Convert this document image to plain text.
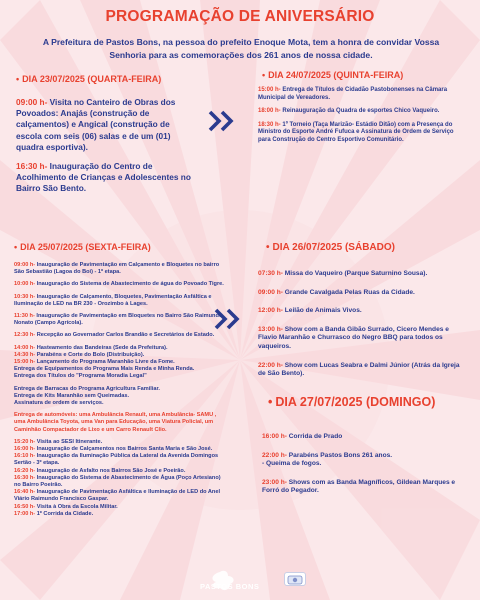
PROGRAMAÇÃO DE ANIVERSÁRIO
A Prefeitura de Pastos Bons, na pessoa do prefeito Enoque Mota, tem a honra de convidar Vossa Senhoria para as comemorações dos 261 anos de nossa cidade.
• DIA 23/07/2025 (QUARTA-FEIRA)
09:00 h- Visita no Canteiro de Obras dos Povoados: Anajás (construção de calçamentos) e Angical (construção de escola com seis (06) salas e de um (01) quadra esportiva).
16:30 h- Inauguração do Centro de Acolhimento de Crianças e Adolescentes no Bairro São Bento.
• DIA 24/07/2025 (QUINTA-FEIRA)
15:00 h- Entrega de Títulos de Cidadão Pastobonenses na Câmara Municipal de Vereadores.
18:00 h- Reinauguração da Quadra de esportes Chico Vaqueiro.
18:30 h- 1º Torneio (Taça Marizão- Estádio Ditão) com a Presença do Ministro do Esporte André Fufuca e Assinatura de Ordem de Serviço para Construção do Centro Esportivo Comunitário.
• DIA 25/07/2025 (SEXTA-FEIRA)
09:00 h- Inauguração de Pavimentação em Calçamento e Bloquetes no bairro São Sebastião (Lagoa do Boi) - 1º etapa.
10:00 h- Inauguração do Sistema de Abastecimento de água do Povoado Tigre.
10:30 h- Inauguração de Calçamento, Bloquetes, Pavimentação Asfáltica e Iluminação de LED na BR 230 - Orozimbo à Lages.
11:30 h- Inauguração de Pavimentação em Bloquetes no Bairro São Raimundo Nonato (Campo Agrícola).
12:30 h- Recepção ao Governador Carlos Brandão e Secretários de Estado.
14:00 h- Hasteamento das Bandeiras (Sede da Prefeitura).
14:30 h- Parabéns e Corte do Bolo (Distribuição).
15:00 h- Lançamento do Programa Maranhão Livre da Fome.
Entrega de Equipamentos do Programa Mais Renda e Minha Renda.
Entrega dos Títulos do "Programa Moradia Legal"
Entrega de Barracas do Programa Agricultura Familiar.
Entrega de Kits Maranhão sem Queimadas.
Assinatura de ordem de serviços.
Entrega de automóveis: uma Ambulância Renault, uma Ambulância- SAMU , uma Ambulância Toyota, uma Van para Educação, uma Viatura Policial, um Caminhão Compactador de Lixo e um Carro Renault Clio.
15:20 h- Visita ao SESI Itinerante.
16:00 h- Inauguração de Calçamentos nos Bairros Santa Maria e São José.
16:10 h- Inauguração da Iluminação Pública da Lateral da Avenida Domingos Sertão - 3º etapa.
16:20 h- Inauguração de Asfalto nos Bairros São José e Poeirão.
16:30 h- Inauguração do Sistema de Abastecimento de Água (Poço Artesiano) no Bairro Poeirão.
16:40 h- Inauguração de Pavimentação Asfáltica e Iluminação de LED do Anel Viário Raimundo Francisco Gaspar.
16:50 h- Visita à Obra da Escola Militar.
17:00 h- 1º Corrida da Cidade.
• DIA 26/07/2025 (SÁBADO)
07:30 h- Missa do Vaqueiro (Parque Saturnino Sousa).
09:00 h- Grande Cavalgada Pelas Ruas da Cidade.
12:00 h- Leilão de Animais Vivos.
13:00 h- Show com a Banda Gibão Surrado, Cicero Mendes e Flavio Maranhão e Churrasco do Negro BBQ para todos os vaqueiros.
22:00 h- Show com Lucas Seabra e Dalmi Júnior (Atrás da Igreja de São Bento).
• DIA 27/07/2025 (DOMINGO)
16:00 h- Corrida de Prado
22:00 h- Parabéns Pastos Bons 261 anos.
- Queima de fogos.
23:00 h- Shows com as Banda Magníficos, Gildean Marques e Forró do Pegador.
PASTOS BONS
